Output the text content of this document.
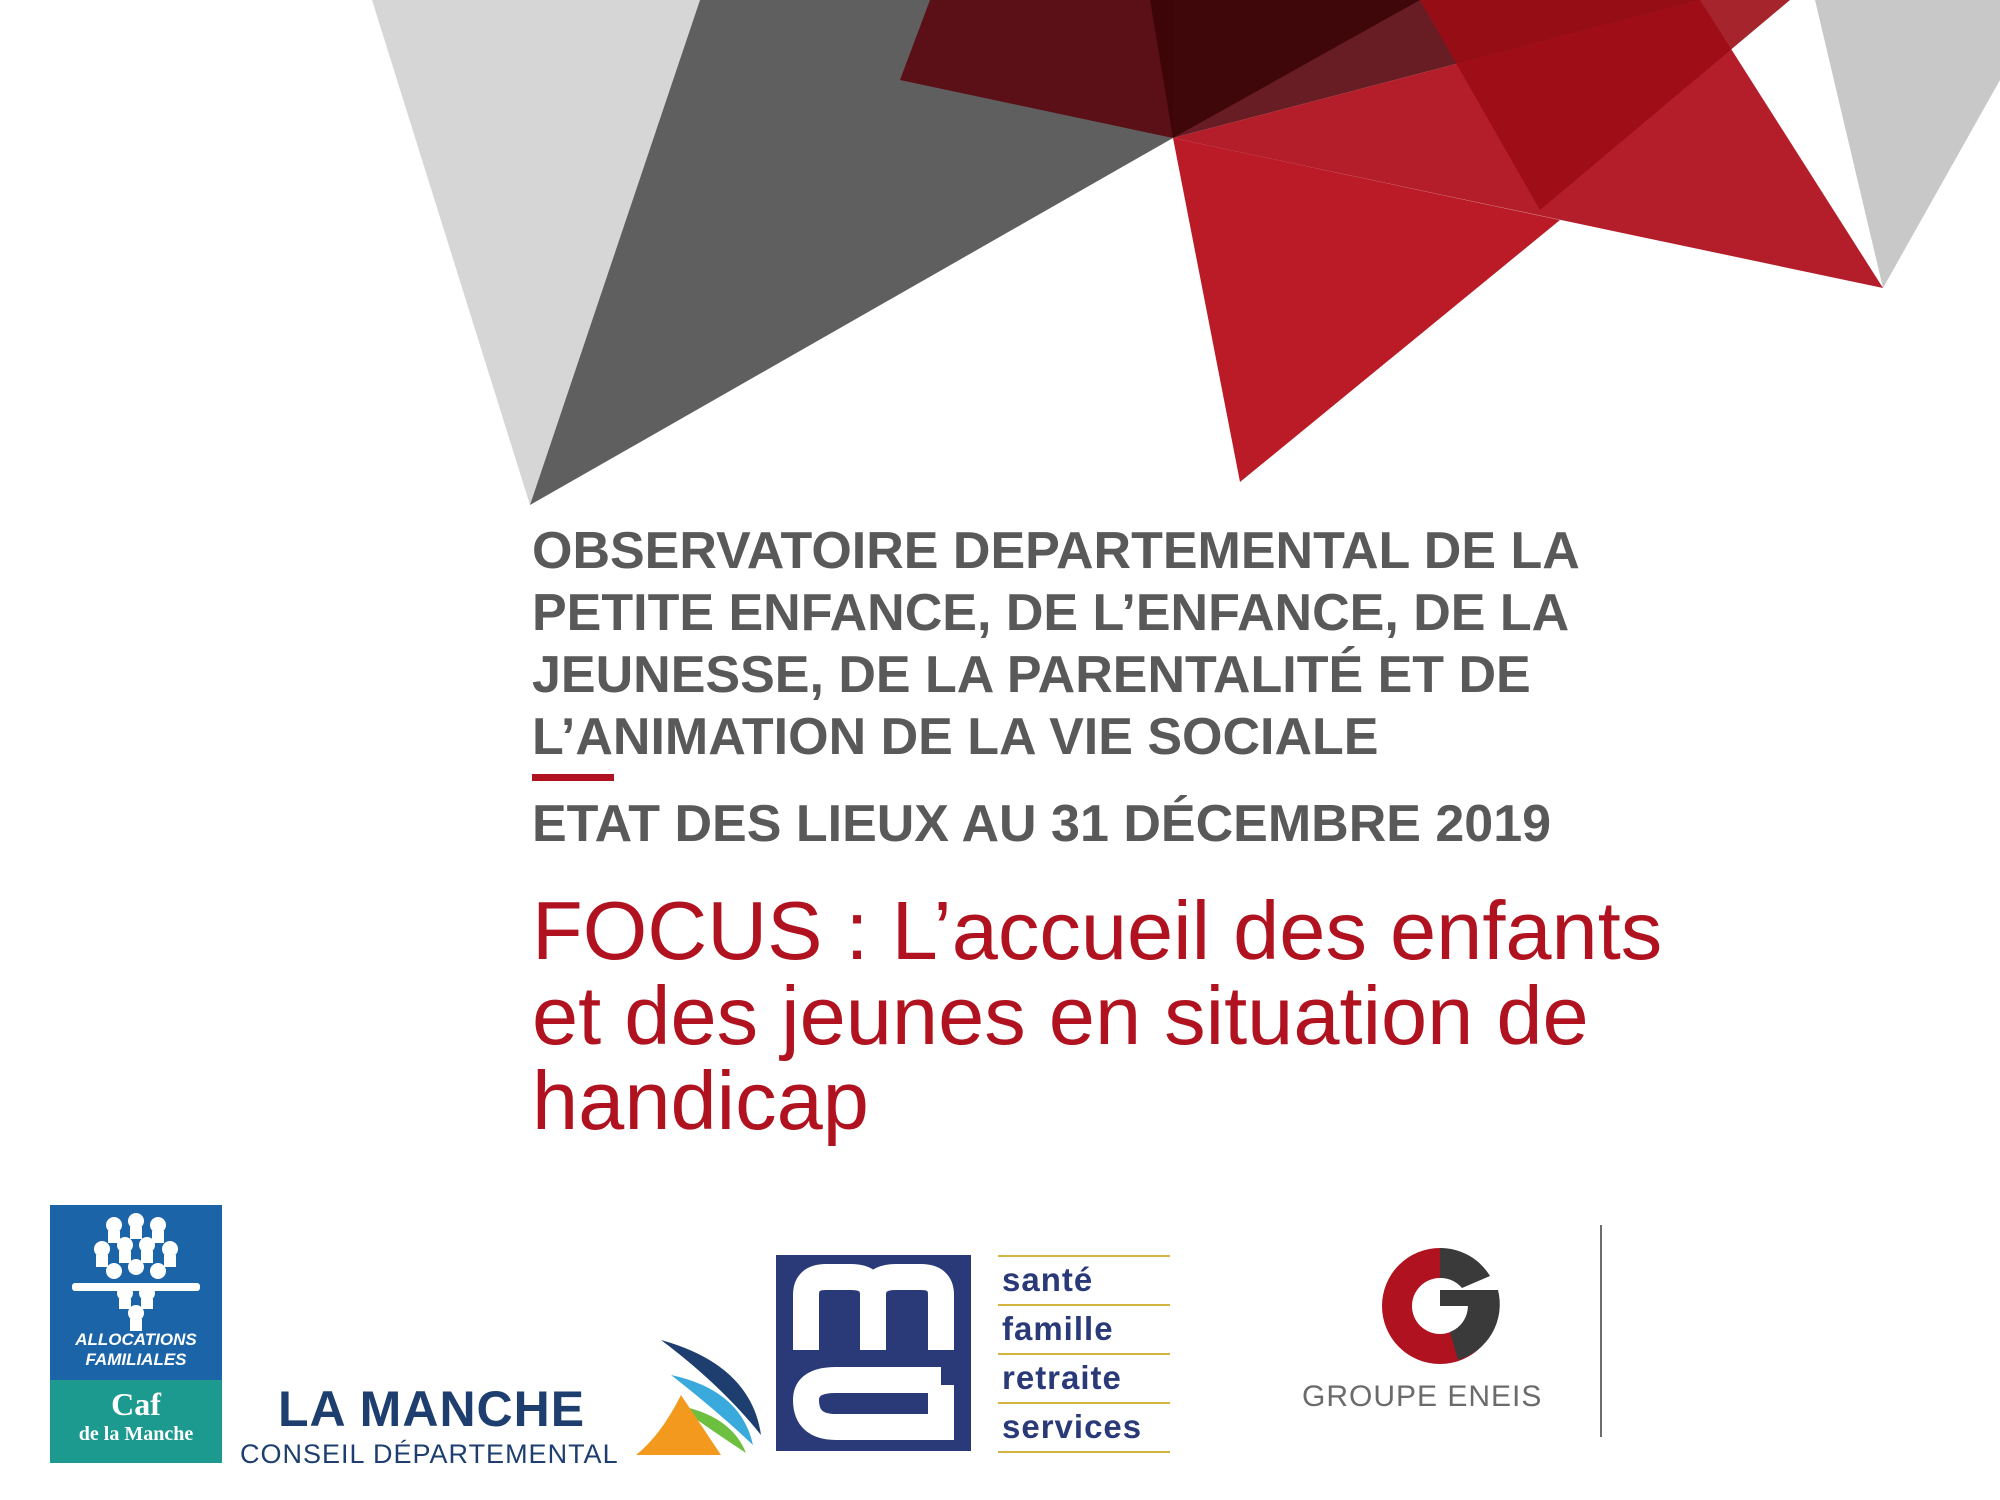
OBSERVATOIRE DEPARTEMENTAL DE LA
PETITE ENFANCE, DE L’ENFANCE, DE LA
JEUNESSE, DE LA PARENTALITÉ ET DE
L’ANIMATION DE LA VIE SOCIALE
ETAT DES LIEUX AU 31 DÉCEMBRE 2019
FOCUS : L’accueil des enfants
et des jeunes en situation de
handicap
ALLOCATIONS
FAMILIALES
Caf
de la Manche	LA MANCHE
CONSEIL DÉPARTEMENTAL
santé
famille
retraite
services
GROUPE ENEIS
